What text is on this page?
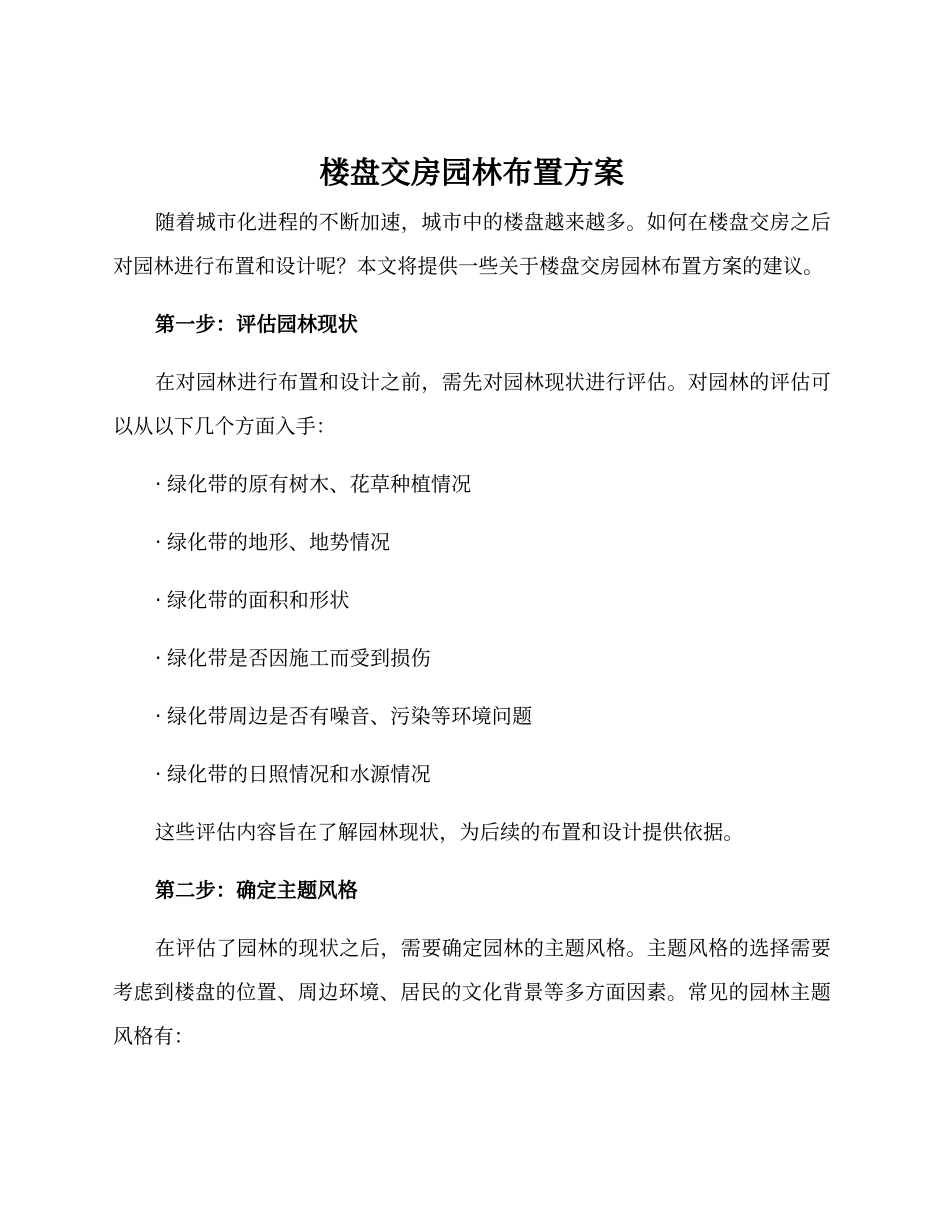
楼盘交房园林布置方案

随着城市化进程的不断加速，城市中的楼盘越来越多。如何在楼盘交房之后对园林进行布置和设计呢？本文将提供一些关于楼盘交房园林布置方案的建议。

第一步：评估园林现状

在对园林进行布置和设计之前，需先对园林现状进行评估。对园林的评估可以从以下几个方面入手：

· 绿化带的原有树木、花草种植情况
· 绿化带的地形、地势情况
· 绿化带的面积和形状
· 绿化带是否因施工而受到损伤
· 绿化带周边是否有噪音、污染等环境问题
· 绿化带的日照情况和水源情况

这些评估内容旨在了解园林现状，为后续的布置和设计提供依据。

第二步：确定主题风格

在评估了园林的现状之后，需要确定园林的主题风格。主题风格的选择需要考虑到楼盘的位置、周边环境、居民的文化背景等多方面因素。常见的园林主题风格有：
